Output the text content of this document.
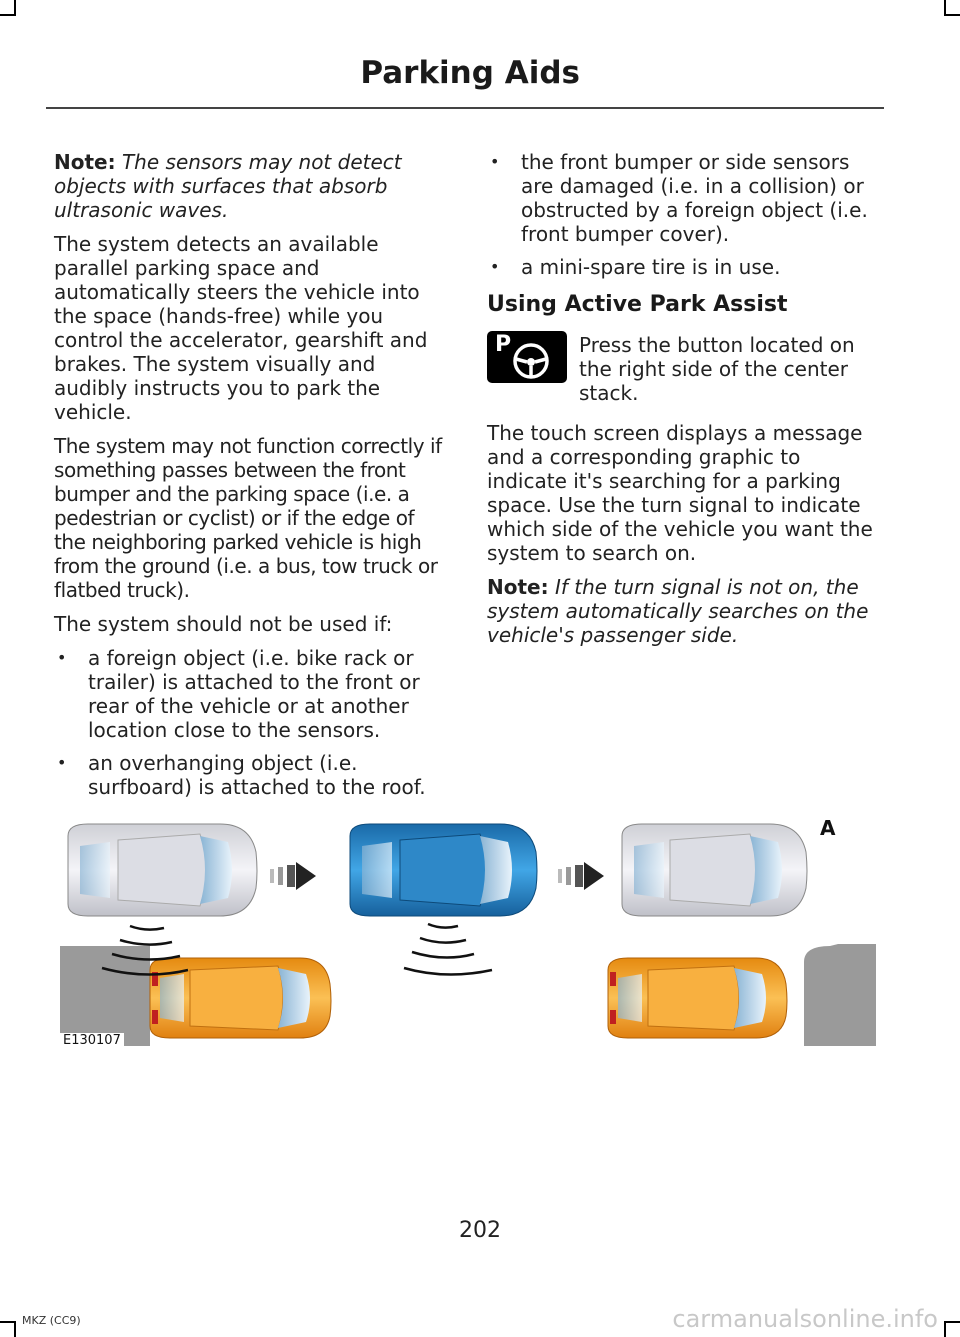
Parking Aids

Note: The sensors may not detect objects with surfaces that absorb ultrasonic waves.

The system detects an available parallel parking space and automatically steers the vehicle into the space (hands-free) while you control the accelerator, gearshift and brakes. The system visually and audibly instructs you to park the vehicle.

The system may not function correctly if something passes between the front bumper and the parking space (i.e. a pedestrian or cyclist) or if the edge of the neighboring parked vehicle is high from the ground (i.e. a bus, tow truck or flatbed truck).

The system should not be used if:

• a foreign object (i.e. bike rack or trailer) is attached to the front or rear of the vehicle or at another location close to the sensors.
• an overhanging object (i.e. surfboard) is attached to the roof.
• the front bumper or side sensors are damaged (i.e. in a collision) or obstructed by a foreign object (i.e. front bumper cover).
• a mini-spare tire is in use.
Using Active Park Assist
P	Press the button located on the right side of the center stack.

The touch screen displays a message and a corresponding graphic to indicate it's searching for a parking space. Use the turn signal to indicate which side of the vehicle you want the system to search on.

Note: If the turn signal is not on, the system automatically searches on the vehicle's passenger side.

A
E130107
202
MKZ (CC9)	carmanualsonline.info
